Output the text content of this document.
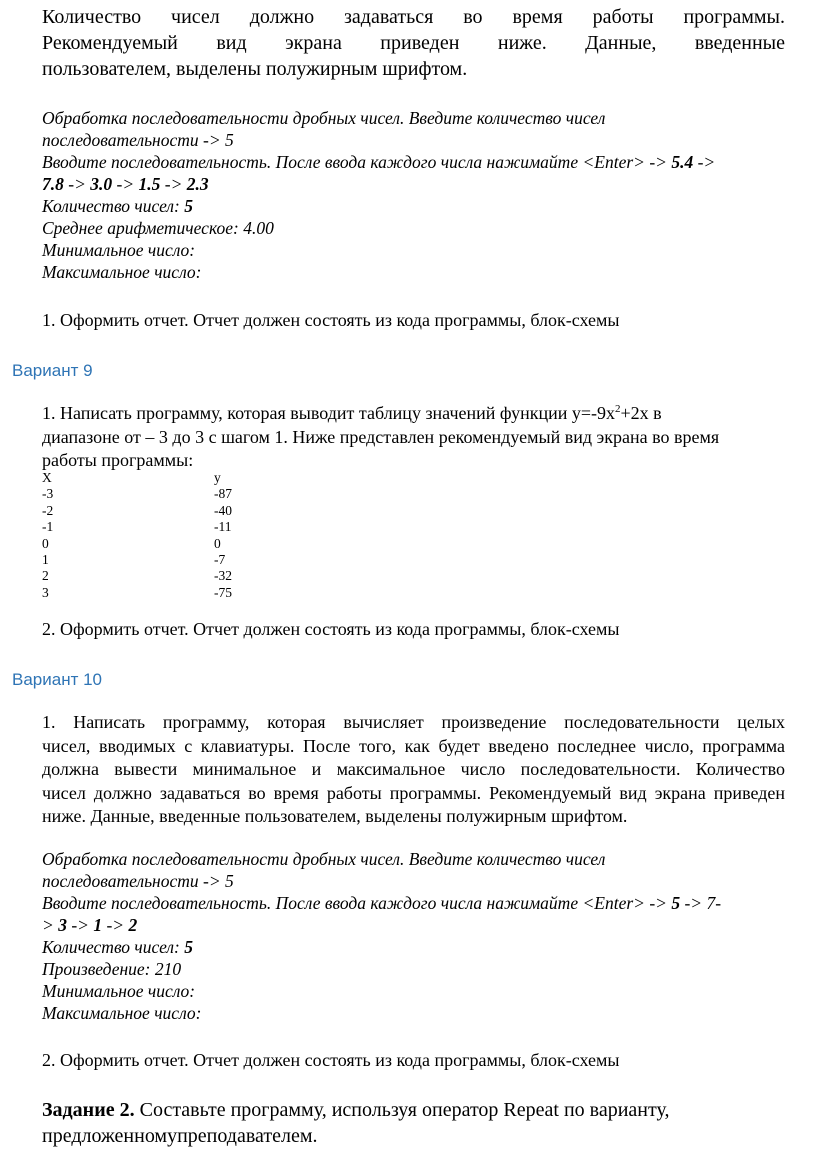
Количество чисел должно задаваться во время работы программы.
Рекомендуемый вид экрана приведен ниже. Данные, введенные
пользователем, выделены полужирным шрифтом.
Обработка последовательности дробных чисел. Введите количество чисел
последовательности -> 5
Вводите последовательность. После ввода каждого числа нажимайте <Enter> -> 5.4 ->
7.8 -> 3.0 -> 1.5 -> 2.3
Количество чисел: 5
Среднее арифметическое: 4.00
Минимальное число:
Максимальное число:
1. Оформить отчет. Отчет должен состоять из кода программы, блок-схемы
Вариант 9
1. Написать программу, которая выводит таблицу значений функции $y=-9x^2+2x$ в
диапазоне от – 3 до 3 с шагом 1. Ниже представлен рекомендуемый вид экрана во время
работы программы:
X	y
-3	-87
-2	-40
-1	-11
0	0
1	-7
2	-32
3	-75
2. Оформить отчет. Отчет должен состоять из кода программы, блок-схемы
Вариант 10
1. Написать программу, которая вычисляет произведение последовательности целых
чисел, вводимых с клавиатуры. После того, как будет введено последнее число, программа
должна вывести минимальное и максимальное число последовательности. Количество
чисел должно задаваться во время работы программы. Рекомендуемый вид экрана приведен
ниже. Данные, введенные пользователем, выделены полужирным шрифтом.
Обработка последовательности дробных чисел. Введите количество чисел
последовательности -> 5
Вводите последовательность. После ввода каждого числа нажимайте <Enter> -> 5 -> 7-
> 3 -> 1 -> 2
Количество чисел: 5
Произведение: 210
Минимальное число:
Максимальное число:
2. Оформить отчет. Отчет должен состоять из кода программы, блок-схемы
Задание 2. Составьте программу, используя оператор Repeat по варианту,
предложенномупреподавателем.
